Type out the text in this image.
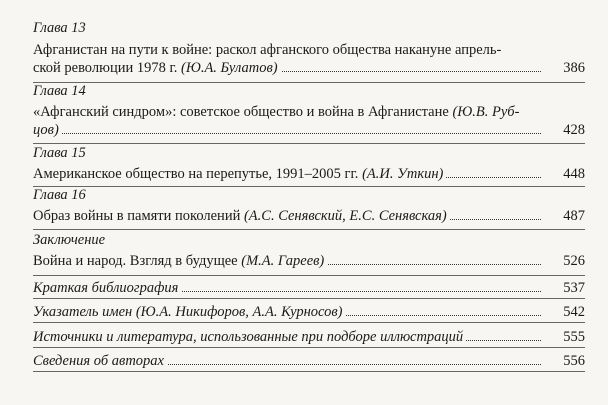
Глава 13
Афганистан на пути к войне: раскол афганского общества накануне апрель-
ской революции 1978 г. (Ю.А. Булатов)	386
Глава 14
«Афганский синдром»: советское общество и война в Афганистане (Ю.В. Руб-
цов)	428
Глава 15
Американское общество на перепутье, 1991–2005 гг. (А.И. Уткин)	448
Глава 16
Образ войны в памяти поколений (А.С. Сенявский, Е.С. Сенявская)	487
Заключение
Война и народ. Взгляд в будущее (М.А. Гареев)	526
Краткая библиография	537
Указатель имен (Ю.А. Никифоров, А.А. Курносов)	542
Источники и литература, использованные при подборе иллюстраций	555
Сведения об авторах	556
